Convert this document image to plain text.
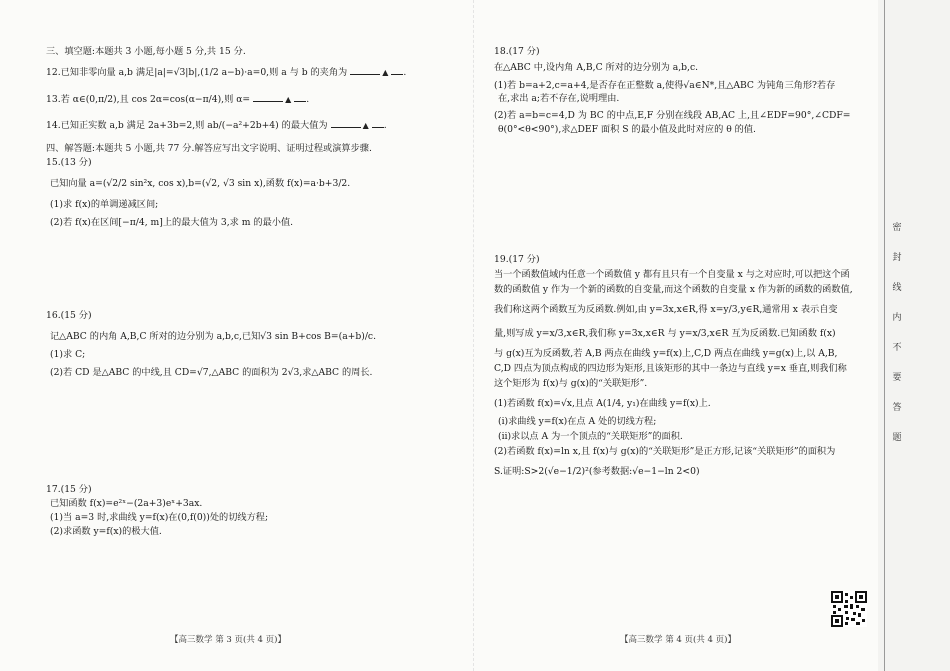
三、填空题:本题共 3 小题,每小题 5 分,共 15 分.
12.已知非零向量 a,b 满足|a|=√3|b|,(1/2 a−b)·a=0,则 a 与 b 的夹角为	▲ .
13.若 α∈(0,π/2),且 cos 2α=cos(α−π/4),则 α=	▲ .
14.已知正实数 a,b 满足 2a+3b=2,则 ab/(−a²+2b+4) 的最大值为	▲ .
四、解答题:本题共 5 小题,共 77 分.解答应写出文字说明、证明过程或演算步骤.
15.(13 分)
已知向量 a=(√2/2 sin²x, cos x),b=(√2, √3 sin x),函数 f(x)=a·b+3/2.
(1)求 f(x)的单调递减区间;
(2)若 f(x)在区间[−π/4, m]上的最大值为 3,求 m 的最小值.
16.(15 分)
记△ABC 的内角 A,B,C 所对的边分别为 a,b,c,已知√3 sin B+cos B=(a+b)/c.
(1)求 C;
(2)若 CD 是△ABC 的中线,且 CD=√7,△ABC 的面积为 2√3,求△ABC 的周长.
17.(15 分)
已知函数 f(x)=e²ˣ−(2a+3)eˣ+3ax.
(1)当 a=3 时,求曲线 y=f(x)在(0,f(0))处的切线方程;
(2)求函数 y=f(x)的极大值.
【高三数学 第 3 页(共 4 页)】
18.(17 分)
在△ABC 中,设内角 A,B,C 所对的边分别为 a,b,c.
(1)若 b=a+2,c=a+4,是否存在正整数 a,使得√a∈N*,且△ABC 为钝角三角形?若存
在,求出 a;若不存在,说明理由.
(2)若 a=b=c=4,D 为 BC 的中点,E,F 分别在线段 AB,AC 上,且∠EDF=90°,∠CDF=
θ(0°<θ<90°),求△DEF 面积 S 的最小值及此时对应的 θ 的值.
19.(17 分)
当一个函数值域内任意一个函数值 y 都有且只有一个自变量 x 与之对应时,可以把这个函
数的函数值 y 作为一个新的函数的自变量,而这个函数的自变量 x 作为新的函数的函数值,
我们称这两个函数互为反函数.例如,由 y=3x,x∈R,得 x=y/3,y∈R,通常用 x 表示自变
量,则写成 y=x/3,x∈R,我们称 y=3x,x∈R 与 y=x/3,x∈R 互为反函数.已知函数 f(x)
与 g(x)互为反函数,若 A,B 两点在曲线 y=f(x)上,C,D 两点在曲线 y=g(x)上,以 A,B,
C,D 四点为顶点构成的四边形为矩形,且该矩形的其中一条边与直线 y=x 垂直,则我们称
这个矩形为 f(x)与 g(x)的“关联矩形”.
(1)若函数 f(x)=√x,且点 A(1/4, y₁)在曲线 y=f(x)上.
(ⅰ)求曲线 y=f(x)在点 A 处的切线方程;
(ⅱ)求以点 A 为一个顶点的“关联矩形”的面积.
(2)若函数 f(x)=ln x,且 f(x)与 g(x)的“关联矩形”是正方形,记该“关联矩形”的面积为
S.证明:S>2(√e−1/2)²(参考数据:√e−1−ln 2<0)
【高三数学 第 4 页(共 4 页)】
密
封
线
内
不
要
答
题
